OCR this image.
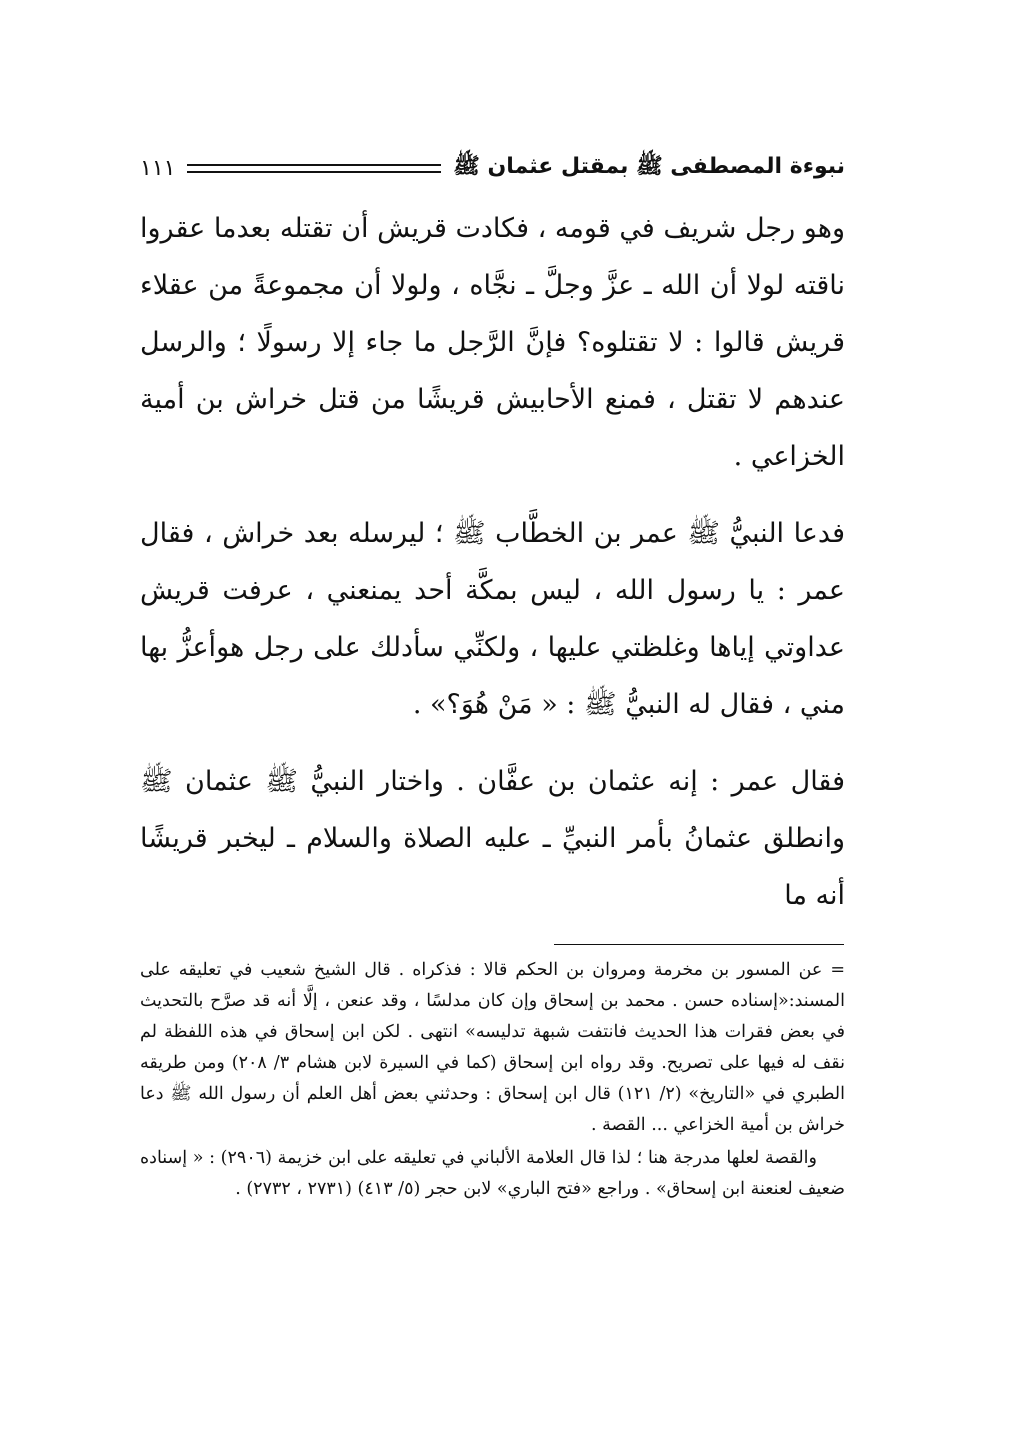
نبوءة المصطفى ﷺ بمقتل عثمان ﷺ
١١١

وهو رجل شريف في قومه ، فكادت قريش أن تقتله بعدما عقروا ناقته لولا أن الله ـ عزَّ وجلَّ ـ نجَّاه ، ولولا أن مجموعةً من عقلاء قريش قالوا : لا تقتلوه؟ فإنَّ الرَّجل ما جاء إلا رسولًا ؛ والرسل عندهم لا تقتل ، فمنع الأحابيش قريشًا من قتل خراش بن أمية الخزاعي .

فدعا النبيُّ ﷺ عمر بن الخطَّاب ﷺ ؛ ليرسله بعد خراش ، فقال عمر : يا رسول الله ، ليس بمكَّة أحد يمنعني ، عرفت قريش عداوتي إياها وغلظتي عليها ، ولكنِّي سأدلك على رجل هوأعزُّ بها مني ، فقال له النبيُّ ﷺ : « مَنْ هُوَ؟» .

فقال عمر : إنه عثمان بن عفَّان . واختار النبيُّ ﷺ عثمان ﷺ وانطلق عثمانُ بأمر النبيِّ ـ عليه الصلاة والسلام ـ ليخبر قريشًا أنه ما

=عن المسور بن مخرمة ومروان بن الحكم قالا : فذكراه . قال الشيخ شعيب في تعليقه على المسند:«إسناده حسن . محمد بن إسحاق وإن كان مدلسًا ، وقد عنعن ، إلَّا أنه قد صرَّح بالتحديث في بعض فقرات هذا الحديث فانتفت شبهة تدليسه» انتهى . لكن ابن إسحاق في هذه اللفظة لم نقف له فيها على تصريح. وقد رواه ابن إسحاق (كما في السيرة لابن هشام ٣/ ٢٠٨) ومن طريقه الطبري في «التاريخ» (٢/ ١٢١) قال ابن إسحاق : وحدثني بعض أهل العلم أن رسول الله ﷺ دعا خراش بن أمية الخزاعي ... القصة .

والقصة لعلها مدرجة هنا ؛ لذا قال العلامة الألباني في تعليقه على ابن خزيمة (٢٩٠٦) : « إسناده ضعيف لعنعنة ابن إسحاق» . وراجع «فتح الباري» لابن حجر (٥/ ٤١٣) (٢٧٣١ ، ٢٧٣٢) .
